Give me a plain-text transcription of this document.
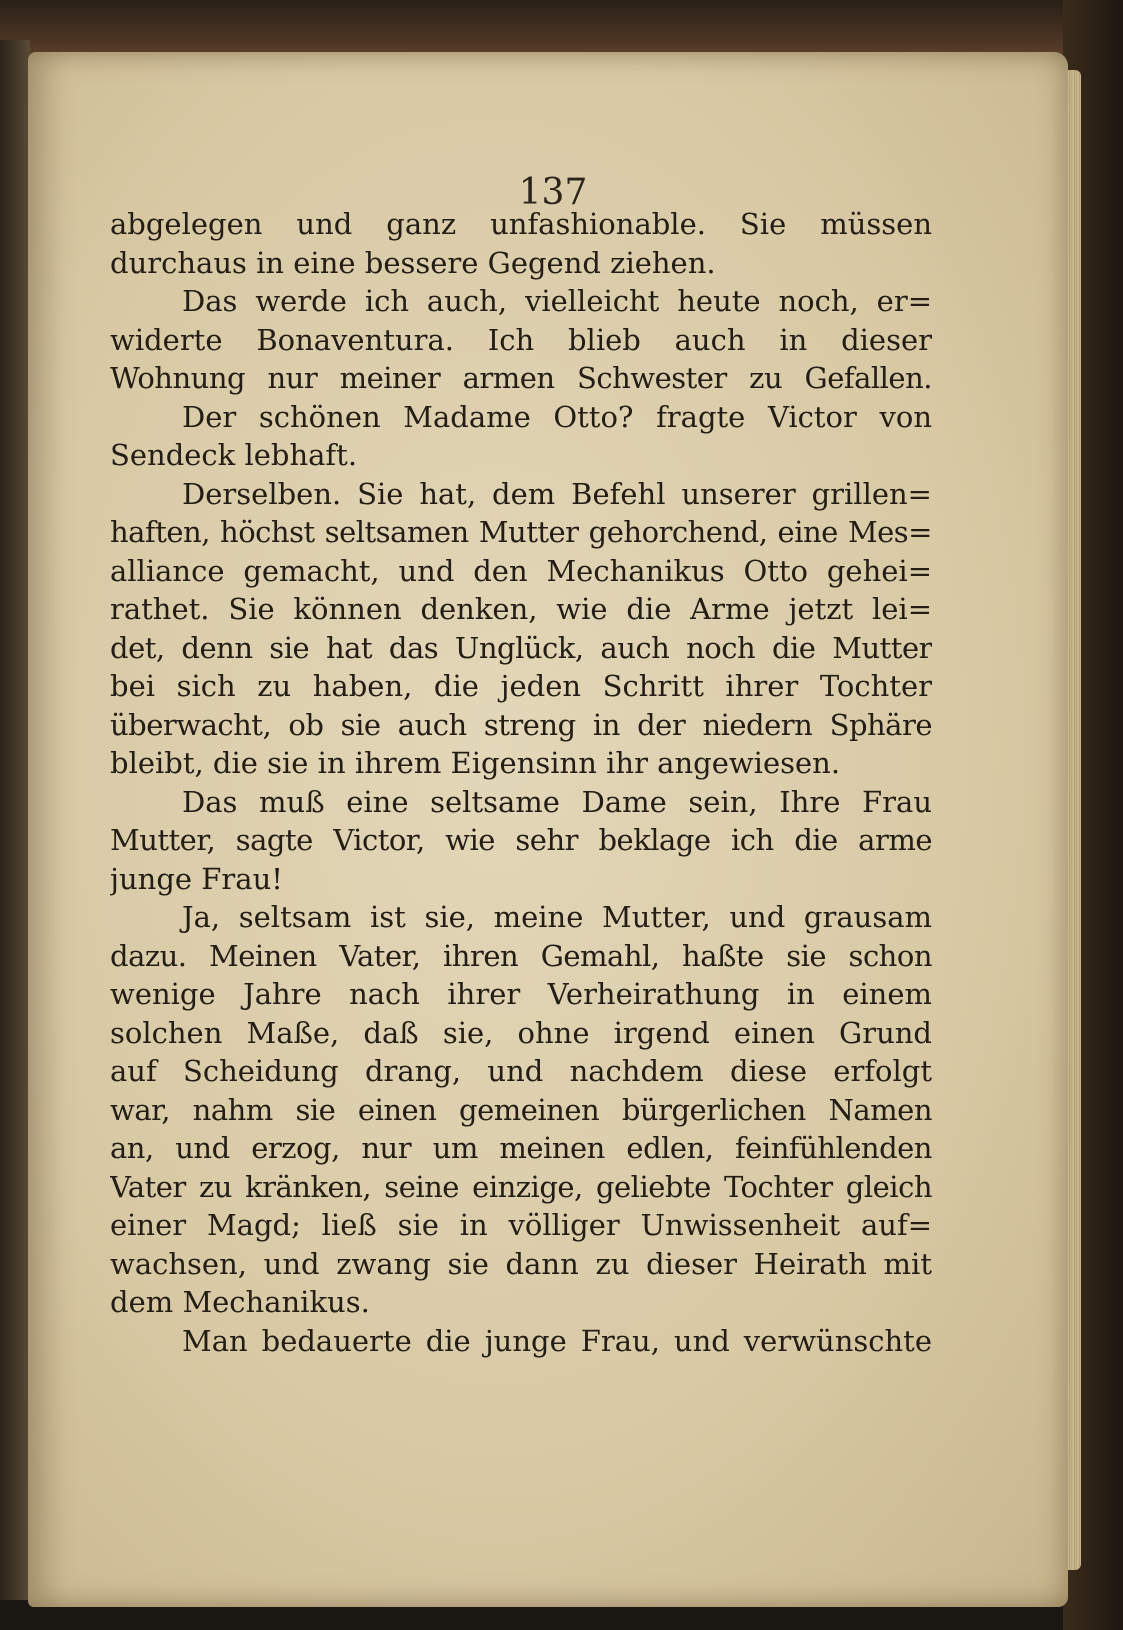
137
abgelegen und ganz unfashionable. Sie müssen
durchaus in eine bessere Gegend ziehen.
Das werde ich auch, vielleicht heute noch, er=
widerte Bonaventura. Ich blieb auch in dieser
Wohnung nur meiner armen Schwester zu Gefallen.
Der schönen Madame Otto? fragte Victor von
Sendeck lebhaft.
Derselben. Sie hat, dem Befehl unserer grillen=
haften, höchst seltsamen Mutter gehorchend, eine Mes=
alliance gemacht, und den Mechanikus Otto gehei=
rathet. Sie können denken, wie die Arme jetzt lei=
det, denn sie hat das Unglück, auch noch die Mutter
bei sich zu haben, die jeden Schritt ihrer Tochter
überwacht, ob sie auch streng in der niedern Sphäre
bleibt, die sie in ihrem Eigensinn ihr angewiesen.
Das muß eine seltsame Dame sein, Ihre Frau
Mutter, sagte Victor, wie sehr beklage ich die arme
junge Frau!
Ja, seltsam ist sie, meine Mutter, und grausam
dazu. Meinen Vater, ihren Gemahl, haßte sie schon
wenige Jahre nach ihrer Verheirathung in einem
solchen Maße, daß sie, ohne irgend einen Grund
auf Scheidung drang, und nachdem diese erfolgt
war, nahm sie einen gemeinen bürgerlichen Namen
an, und erzog, nur um meinen edlen, feinfühlenden
Vater zu kränken, seine einzige, geliebte Tochter gleich
einer Magd; ließ sie in völliger Unwissenheit auf=
wachsen, und zwang sie dann zu dieser Heirath mit
dem Mechanikus.
Man bedauerte die junge Frau, und verwünschte
